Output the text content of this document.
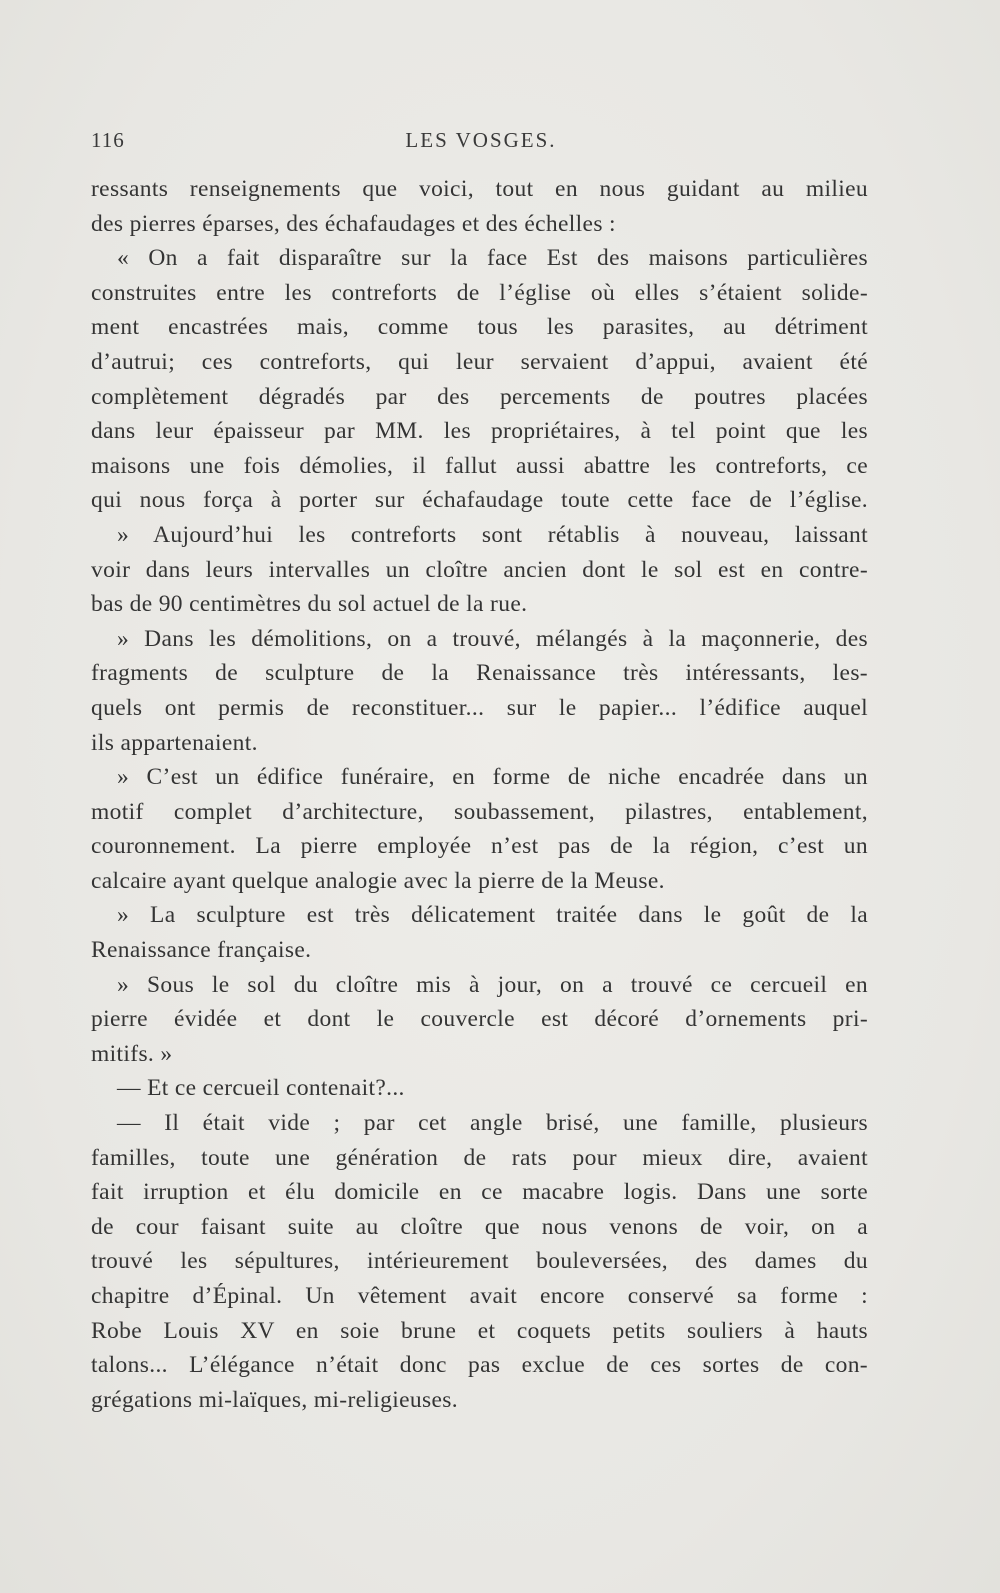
116	LES VOSGES.
ressants renseignements que voici, tout en nous guidant au milieu
des pierres éparses, des échafaudages et des échelles :
« On a fait disparaître sur la face Est des maisons particulières
construites entre les contreforts de l’église où elles s’étaient solide-
ment encastrées mais, comme tous les parasites, au détriment
d’autrui; ces contreforts, qui leur servaient d’appui, avaient été
complètement dégradés par des percements de poutres placées
dans leur épaisseur par MM. les propriétaires, à tel point que les
maisons une fois démolies, il fallut aussi abattre les contreforts, ce
qui nous força à porter sur échafaudage toute cette face de l’église.
» Aujourd’hui les contreforts sont rétablis à nouveau, laissant
voir dans leurs intervalles un cloître ancien dont le sol est en contre-
bas de 90 centimètres du sol actuel de la rue.
» Dans les démolitions, on a trouvé, mélangés à la maçonnerie, des
fragments de sculpture de la Renaissance très intéressants, les-
quels ont permis de reconstituer... sur le papier... l’édifice auquel
ils appartenaient.
» C’est un édifice funéraire, en forme de niche encadrée dans un
motif complet d’architecture, soubassement, pilastres, entablement,
couronnement. La pierre employée n’est pas de la région, c’est un
calcaire ayant quelque analogie avec la pierre de la Meuse.
» La sculpture est très délicatement traitée dans le goût de la
Renaissance française.
» Sous le sol du cloître mis à jour, on a trouvé ce cercueil en
pierre évidée et dont le couvercle est décoré d’ornements pri-
mitifs. »
— Et ce cercueil contenait?...
— Il était vide ; par cet angle brisé, une famille, plusieurs
familles, toute une génération de rats pour mieux dire, avaient
fait irruption et élu domicile en ce macabre logis. Dans une sorte
de cour faisant suite au cloître que nous venons de voir, on a
trouvé les sépultures, intérieurement bouleversées, des dames du
chapitre d’Épinal. Un vêtement avait encore conservé sa forme :
Robe Louis XV en soie brune et coquets petits souliers à hauts
talons... L’élégance n’était donc pas exclue de ces sortes de con-
grégations mi-laïques, mi-religieuses.
